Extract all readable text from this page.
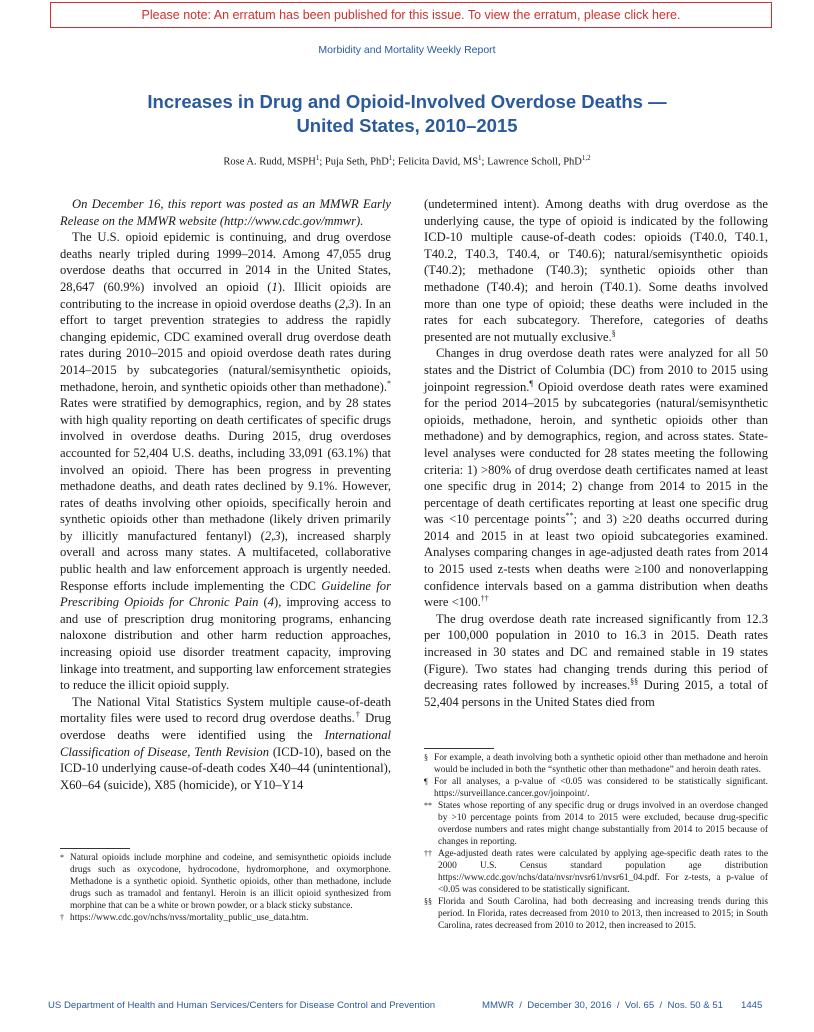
Please note: An erratum has been published for this issue. To view the erratum, please click here.
Morbidity and Mortality Weekly Report
Increases in Drug and Opioid-Involved Overdose Deaths —
United States, 2010–2015
Rose A. Rudd, MSPH$^1$; Puja Seth, PhD$^1$; Felicita David, $MS^1$; Lawrence Scholl, PhD$^{1,2}$

On December 16, this report was posted as an MMWR Early Release on the MMWR website (http://www.cdc.gov/mmwr).

The U.S. opioid epidemic is continuing, and drug overdose deaths nearly tripled during 1999–2014. Among 47,055 drug overdose deaths that occurred in 2014 in the United States, 28,647 (60.9%) involved an opioid (1). Illicit opioids are contributing to the increase in opioid overdose deaths (2,3). In an effort to target prevention strategies to address the rapidly changing epidemic, CDC examined overall drug overdose death rates during 2010–2015 and opioid overdose death rates during 2014–2015 by subcategories (natural/semisynthetic opioids, methadone, heroin, and synthetic opioids other than methadone).* Rates were stratified by demographics, region, and by 28 states with high quality reporting on death certificates of specific drugs involved in overdose deaths. During 2015, drug overdoses accounted for 52,404 U.S. deaths, including 33,091 (63.1%) that involved an opioid. There has been progress in preventing methadone deaths, and death rates declined by 9.1%. However, rates of deaths involving other opioids, specifically heroin and synthetic opioids other than methadone (likely driven primarily by illicitly manufactured fentanyl) (2,3), increased sharply overall and across many states. A multifaceted, collaborative public health and law enforcement approach is urgently needed. Response efforts include implementing the CDC Guideline for Prescribing Opioids for Chronic Pain (4), improving access to and use of prescription drug monitoring programs, enhancing naloxone distribution and other harm reduction approaches, increasing opioid use disorder treatment capacity, improving linkage into treatment, and supporting law enforcement strategies to reduce the illicit opioid supply.

The National Vital Statistics System multiple cause-of-death mortality files were used to record drug overdose deaths.† Drug overdose deaths were identified using the International Classification of Disease, Tenth Revision (ICD-10), based on the ICD-10 underlying cause-of-death codes X40–44 (unintentional), X60–64 (suicide), X85 (homicide), or Y10–Y14

(undetermined intent). Among deaths with drug overdose as the underlying cause, the type of opioid is indicated by the following ICD-10 multiple cause-of-death codes: opioids (T40.0, T40.1, T40.2, T40.3, T40.4, or T40.6); natural/semisynthetic opioids (T40.2); methadone (T40.3); synthetic opioids other than methadone (T40.4); and heroin (T40.1). Some deaths involved more than one type of opioid; these deaths were included in the rates for each subcategory. Therefore, categories of deaths presented are not mutually exclusive.§

Changes in drug overdose death rates were analyzed for all 50 states and the District of Columbia (DC) from 2010 to 2015 using joinpoint regression.¶ Opioid overdose death rates were examined for the period 2014–2015 by subcategories (natural/semisynthetic opioids, methadone, heroin, and synthetic opioids other than methadone) and by demographics, region, and across states. State-level analyses were conducted for 28 states meeting the following criteria: 1) >80% of drug overdose death certificates named at least one specific drug in 2014; 2) change from 2014 to 2015 in the percentage of death certificates reporting at least one specific drug was <10 percentage points**; and 3) ≥20 deaths occurred during 2014 and 2015 in at least two opioid subcategories examined. Analyses comparing changes in age-adjusted death rates from 2014 to 2015 used z-tests when deaths were ≥100 and nonoverlapping confidence intervals based on a gamma distribution when deaths were <100.††

The drug overdose death rate increased significantly from 12.3 per 100,000 population in 2010 to 16.3 in 2015. Death rates increased in 30 states and DC and remained stable in 19 states (Figure). Two states had changing trends during this period of decreasing rates followed by increases.§§ During 2015, a total of 52,404 persons in the United States died from

* Natural opioids include morphine and codeine, and semisynthetic opioids include drugs such as oxycodone, hydrocodone, hydromorphone, and oxymorphone. Methadone is a synthetic opioid. Synthetic opioids, other than methadone, include drugs such as tramadol and fentanyl. Heroin is an illicit opioid synthesized from morphine that can be a white or brown powder, or a black sticky substance.
† https://www.cdc.gov/nchs/nvss/mortality_public_use_data.htm.
§ For example, a death involving both a synthetic opioid other than methadone and heroin would be included in both the “synthetic other than methadone” and heroin death rates.
¶ For all analyses, a p-value of <0.05 was considered to be statistically significant. https://surveillance.cancer.gov/joinpoint/.
** States whose reporting of any specific drug or drugs involved in an overdose changed by >10 percentage points from 2014 to 2015 were excluded, because drug-specific overdose numbers and rates might change substantially from 2014 to 2015 because of changes in reporting.
†† Age-adjusted death rates were calculated by applying age-specific death rates to the 2000 U.S. Census standard population age distribution https://www.cdc.gov/nchs/data/nvsr/nvsr61/nvsr61_04.pdf. For z-tests, a p-value of <0.05 was considered to be statistically significant.
§§ Florida and South Carolina, had both decreasing and increasing trends during this period. In Florida, rates decreased from 2010 to 2013, then increased to 2015; in South Carolina, rates decreased from 2010 to 2012, then increased to 2015.
US Department of Health and Human Services/Centers for Disease Control and Prevention	MMWR  /  December 30, 2016  /  Vol. 65  /  Nos. 50 & 51 1445
